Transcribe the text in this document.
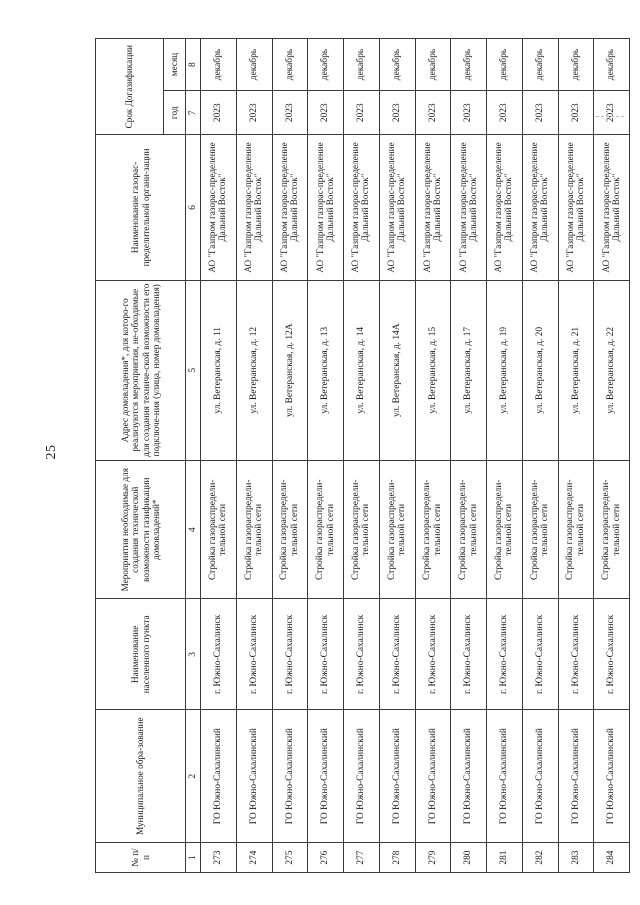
25
№ п/п	Муниципальное обра-зование	Наименование населенного пункта	Мероприятия необходимые для создания технической возможности газификации домовладений*	Адрес домовладения*, для которо-го реализуются мероприятия, не-обходимые для создания техниче-ской возможности его подключе-ния (улица, номер домовладения)	Наименование газорас-пределительной органи-зации	Срок Догазификации	
						год	месяц
1	2	3	4	5	6	7	8
273	ГО Южно-Сахалинский	г. Южно-Сахалинск	Стройка газораспредели-тельной сети	ул. Ветеранская, д. 11	АО "Газпром газорас-пределение Дальний Восток"	2023	декабрь
274	ГО Южно-Сахалинский	г. Южно-Сахалинск	Стройка газораспредели-тельной сети	ул. Ветеранская, д. 12	АО "Газпром газорас-пределение Дальний Восток"	2023	декабрь
275	ГО Южно-Сахалинский	г. Южно-Сахалинск	Стройка газораспредели-тельной сети	ул. Ветеранская, д. 12А	АО "Газпром газорас-пределение Дальний Восток"	2023	декабрь
276	ГО Южно-Сахалинский	г. Южно-Сахалинск	Стройка газораспредели-тельной сети	ул. Ветеранская, д. 13	АО "Газпром газорас-пределение Дальний Восток"	2023	декабрь
277	ГО Южно-Сахалинский	г. Южно-Сахалинск	Стройка газораспредели-тельной сети	ул. Ветеранская, д. 14	АО "Газпром газорас-пределение Дальний Восток"	2023	декабрь
278	ГО Южно-Сахалинский	г. Южно-Сахалинск	Стройка газораспредели-тельной сети	ул. Ветеранская, д. 14А	АО "Газпром газорас-пределение Дальний Восток"	2023	декабрь
279	ГО Южно-Сахалинский	г. Южно-Сахалинск	Стройка газораспредели-тельной сети	ул. Ветеранская, д. 15	АО "Газпром газорас-пределение Дальний Восток"	2023	декабрь
280	ГО Южно-Сахалинский	г. Южно-Сахалинск	Стройка газораспредели-тельной сети	ул. Ветеранская, д. 17	АО "Газпром газорас-пределение Дальний Восток"	2023	декабрь
281	ГО Южно-Сахалинский	г. Южно-Сахалинск	Стройка газораспредели-тельной сети	ул. Ветеранская, д. 19	АО "Газпром газорас-пределение Дальний Восток"	2023	декабрь
282	ГО Южно-Сахалинский	г. Южно-Сахалинск	Стройка газораспредели-тельной сети	ул. Ветеранская, д. 20	АО "Газпром газорас-пределение Дальний Восток"	2023	декабрь
283	ГО Южно-Сахалинский	г. Южно-Сахалинск	Стройка газораспредели-тельной сети	ул. Ветеранская, д. 21	АО "Газпром газорас-пределение Дальний Восток"	2023	декабрь
284	ГО Южно-Сахалинский	г. Южно-Сахалинск	Стройка газораспредели-тельной сети	ул. Ветеранская, д. 22	АО "Газпром газорас-пределение Дальний Восток"	2023	декабрь
